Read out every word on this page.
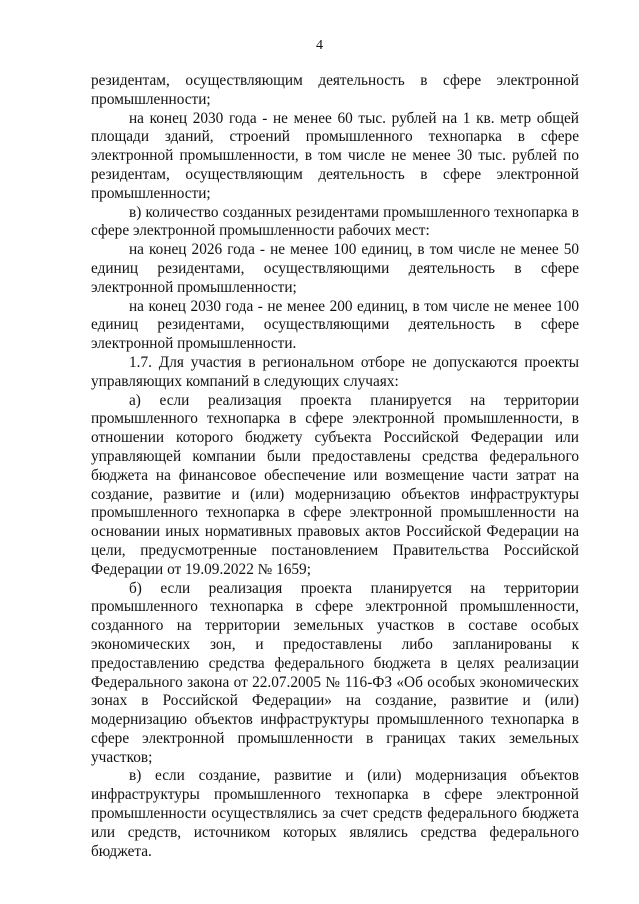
4

резидентам, осуществляющим деятельность в сфере электронной промышленности;

на конец 2030 года - не менее 60 тыс. рублей на 1 кв. метр общей площади зданий, строений промышленного технопарка в сфере электронной промышленности, в том числе не менее 30 тыс. рублей по резидентам, осуществляющим деятельность в сфере электронной промышленности;

в) количество созданных резидентами промышленного технопарка в сфере электронной промышленности рабочих мест:

на конец 2026 года - не менее 100 единиц, в том числе не менее 50 единиц резидентами, осуществляющими деятельность в сфере электронной промышленности;

на конец 2030 года - не менее 200 единиц, в том числе не менее 100 единиц резидентами, осуществляющими деятельность в сфере электронной промышленности.

1.7. Для участия в региональном отборе не допускаются проекты управляющих компаний в следующих случаях:

а) если реализация проекта планируется на территории промышленного технопарка в сфере электронной промышленности, в отношении которого бюджету субъекта Российской Федерации или управляющей компании были предоставлены средства федерального бюджета на финансовое обеспечение или возмещение части затрат на создание, развитие и (или) модернизацию объектов инфраструктуры промышленного технопарка в сфере электронной промышленности на основании иных нормативных правовых актов Российской Федерации на цели, предусмотренные постановлением Правительства Российской Федерации от 19.09.2022 № 1659;

б) если реализация проекта планируется на территории промышленного технопарка в сфере электронной промышленности, созданного на территории земельных участков в составе особых экономических зон, и предоставлены либо запланированы к предоставлению средства федерального бюджета в целях реализации Федерального закона от 22.07.2005 № 116-ФЗ «Об особых экономических зонах в Российской Федерации» на создание, развитие и (или) модернизацию объектов инфраструктуры промышленного технопарка в сфере электронной промышленности в границах таких земельных участков;

в) если создание, развитие и (или) модернизация объектов инфраструктуры промышленного технопарка в сфере электронной промышленности осуществлялись за счет средств федерального бюджета или средств, источником которых являлись средства федерального бюджета.
